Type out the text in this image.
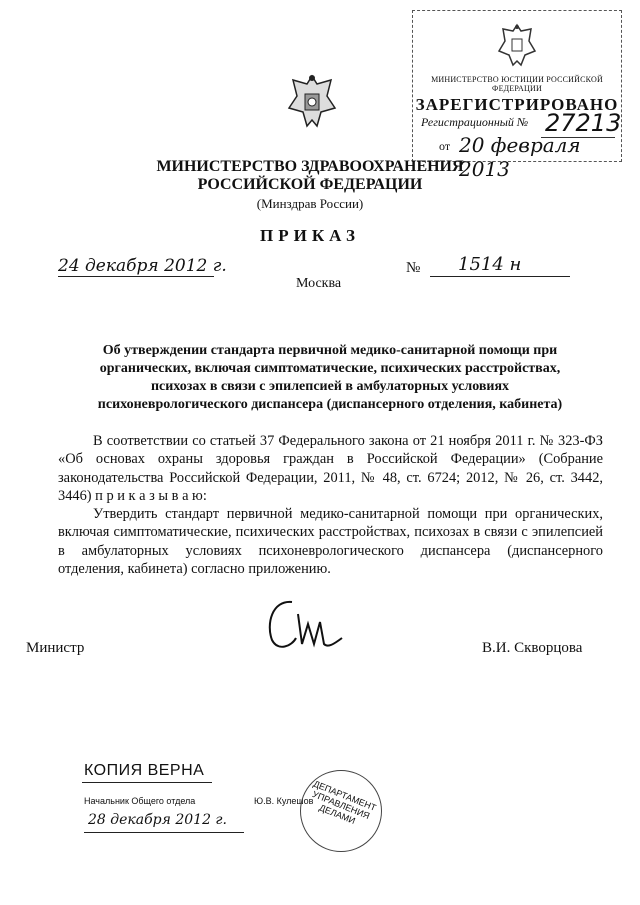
МИНИСТЕРСТВО ЮСТИЦИИ РОССИЙСКОЙ ФЕДЕРАЦИИ
ЗАРЕГИСТРИРОВАНО
Регистрационный № 27213
от 20 февраля 2013
МИНИСТЕРСТВО ЗДРАВООХРАНЕНИЯ
РОССИЙСКОЙ ФЕДЕРАЦИИ
(Минздрав России)
ПРИКАЗ
24 декабря 2012 г.	№ 1514 н
Москва
Об утверждении стандарта первичной медико-санитарной помощи при
органических, включая симптоматические, психических расстройствах,
психозах в связи с эпилепсией в амбулаторных условиях
психоневрологического диспансера (диспансерного отделения, кабинета)

В соответствии со статьей 37 Федерального закона от 21 ноября 2011 г. № 323-ФЗ «Об основах охраны здоровья граждан в Российской Федерации» (Собрание законодательства Российской Федерации, 2011, № 48, ст. 6724; 2012, № 26, ст. 3442, 3446) п р и к а з ы в а ю:

Утвердить стандарт первичной медико-санитарной помощи при органических, включая симптоматические, психических расстройствах, психозах в связи с эпилепсией в амбулаторных условиях психоневрологического диспансера (диспансерного отделения, кабинета) согласно приложению.

Министр	В.И. Скворцова
КОПИЯ ВЕРНА
Начальник Общего отдела	Ю.В. Кулешов
28 декабря 2012 г.
ДЕПАРТАМЕНТ УПРАВЛЕНИЯ ДЕЛАМИ
